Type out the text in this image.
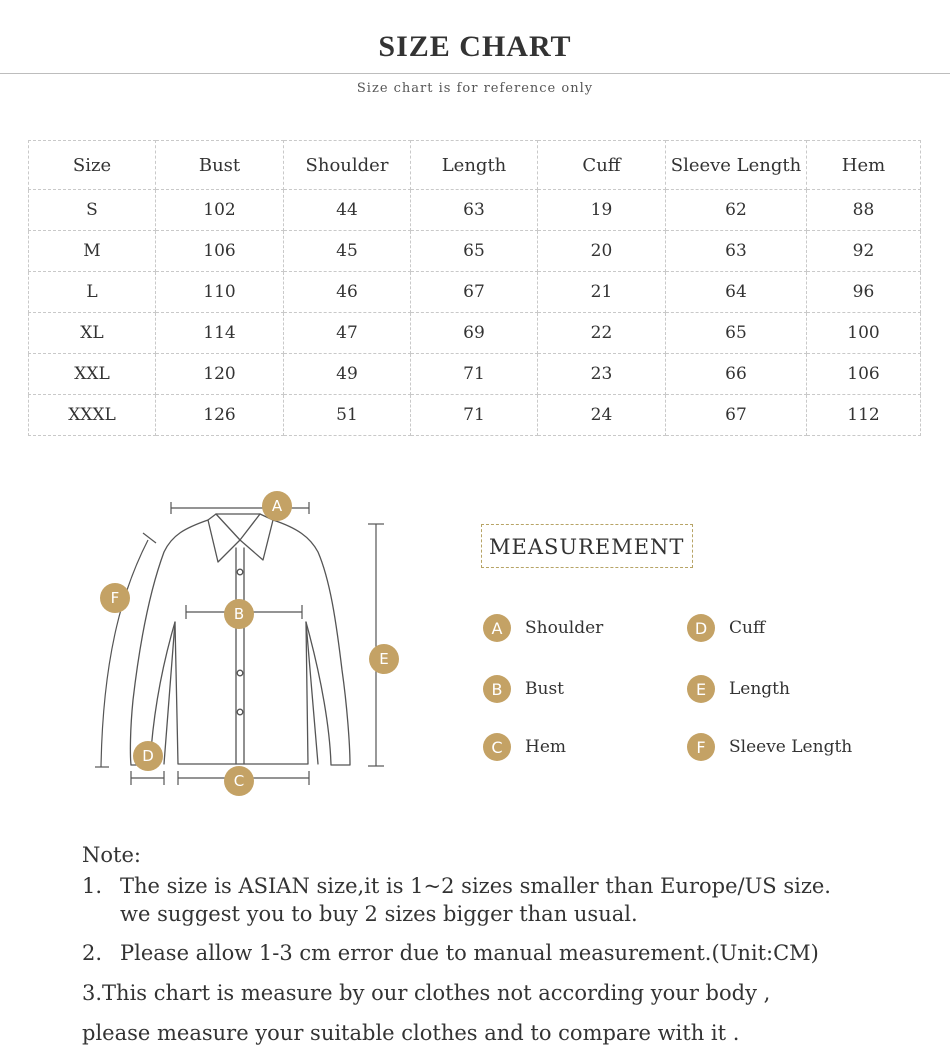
SIZE CHART
Size chart is for reference only
Size	Bust	Shoulder	Length	Cuff	Sleeve Length	Hem
S	102	44	63	19	62	88
M	106	45	65	20	63	92
L	110	46	67	21	64	96
XL	114	47	69	22	65	100
XXL	120	49	71	23	66	106
XXXL	126	51	71	24	67	112
A
B
C
D
E
F
MEASUREMENT
A	Shoulder	D	Cuff
B	Bust	E	Length
C	Hem	F	Sleeve Length
Note:
1. The size is ASIAN size,it is 1~2 sizes smaller than Europe/US size.
we suggest you to buy 2 sizes bigger than usual.
2. Please allow 1-3 cm error due to manual measurement.(Unit:CM)
3.This chart is measure by our clothes not according your body ,
please measure your suitable clothes and to compare with it .
